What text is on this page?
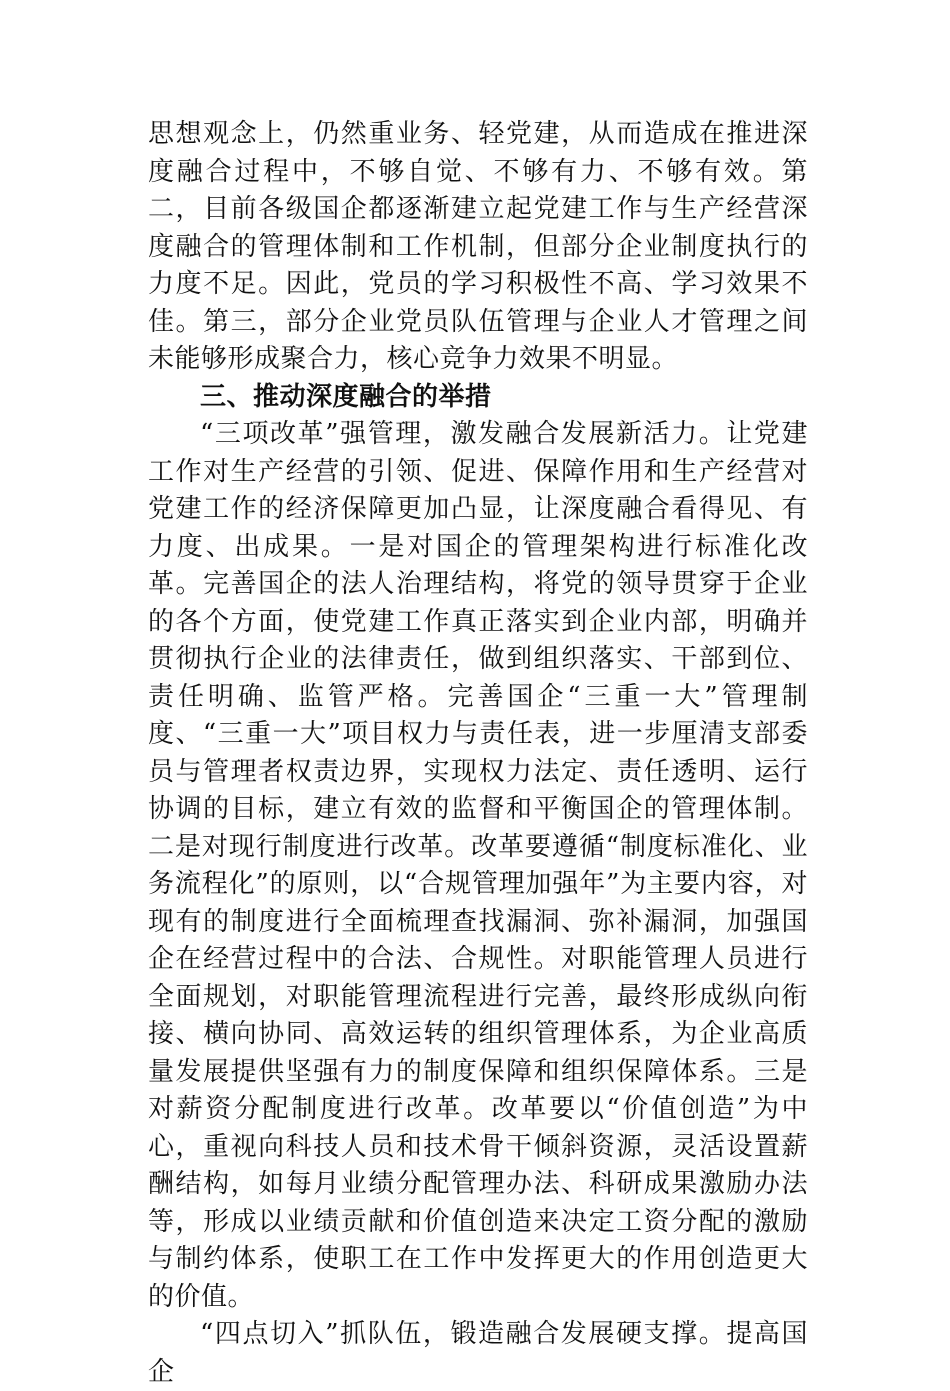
思想观念上，仍然重业务、轻党建，从而造成在推进深度融合过程中，不够自觉、不够有力、不够有效。第二，目前各级国企都逐渐建立起党建工作与生产经营深度融合的管理体制和工作机制，但部分企业制度执行的力度不足。因此，党员的学习积极性不高、学习效果不佳。第三，部分企业党员队伍管理与企业人才管理之间未能够形成聚合力，核心竞争力效果不明显。

三、推动深度融合的举措

“三项改革”强管理，激发融合发展新活力。让党建工作对生产经营的引领、促进、保障作用和生产经营对党建工作的经济保障更加凸显，让深度融合看得见、有力度、出成果。一是对国企的管理架构进行标准化改革。完善国企的法人治理结构，将党的领导贯穿于企业的各个方面，使党建工作真正落实到企业内部，明确并贯彻执行企业的法律责任，做到组织落实、干部到位、责任明确、监管严格。完善国企“三重一大”管理制度、“三重一大”项目权力与责任表，进一步厘清支部委员与管理者权责边界，实现权力法定、责任透明、运行协调的目标，建立有效的监督和平衡国企的管理体制。二是对现行制度进行改革。改革要遵循“制度标准化、业务流程化”的原则，以“合规管理加强年”为主要内容，对现有的制度进行全面梳理查找漏洞、弥补漏洞，加强国企在经营过程中的合法、合规性。对职能管理人员进行全面规划，对职能管理流程进行完善，最终形成纵向衔接、横向协同、高效运转的组织管理体系，为企业高质量发展提供坚强有力的制度保障和组织保障体系。三是对薪资分配制度进行改革。改革要以“价值创造”为中心，重视向科技人员和技术骨干倾斜资源，灵活设置薪酬结构，如每月业绩分配管理办法、科研成果激励办法等，形成以业绩贡献和价值创造来决定工资分配的激励与制约体系，使职工在工作中发挥更大的作用创造更大的价值。

“四点切入”抓队伍，锻造融合发展硬支撑。提高国企
